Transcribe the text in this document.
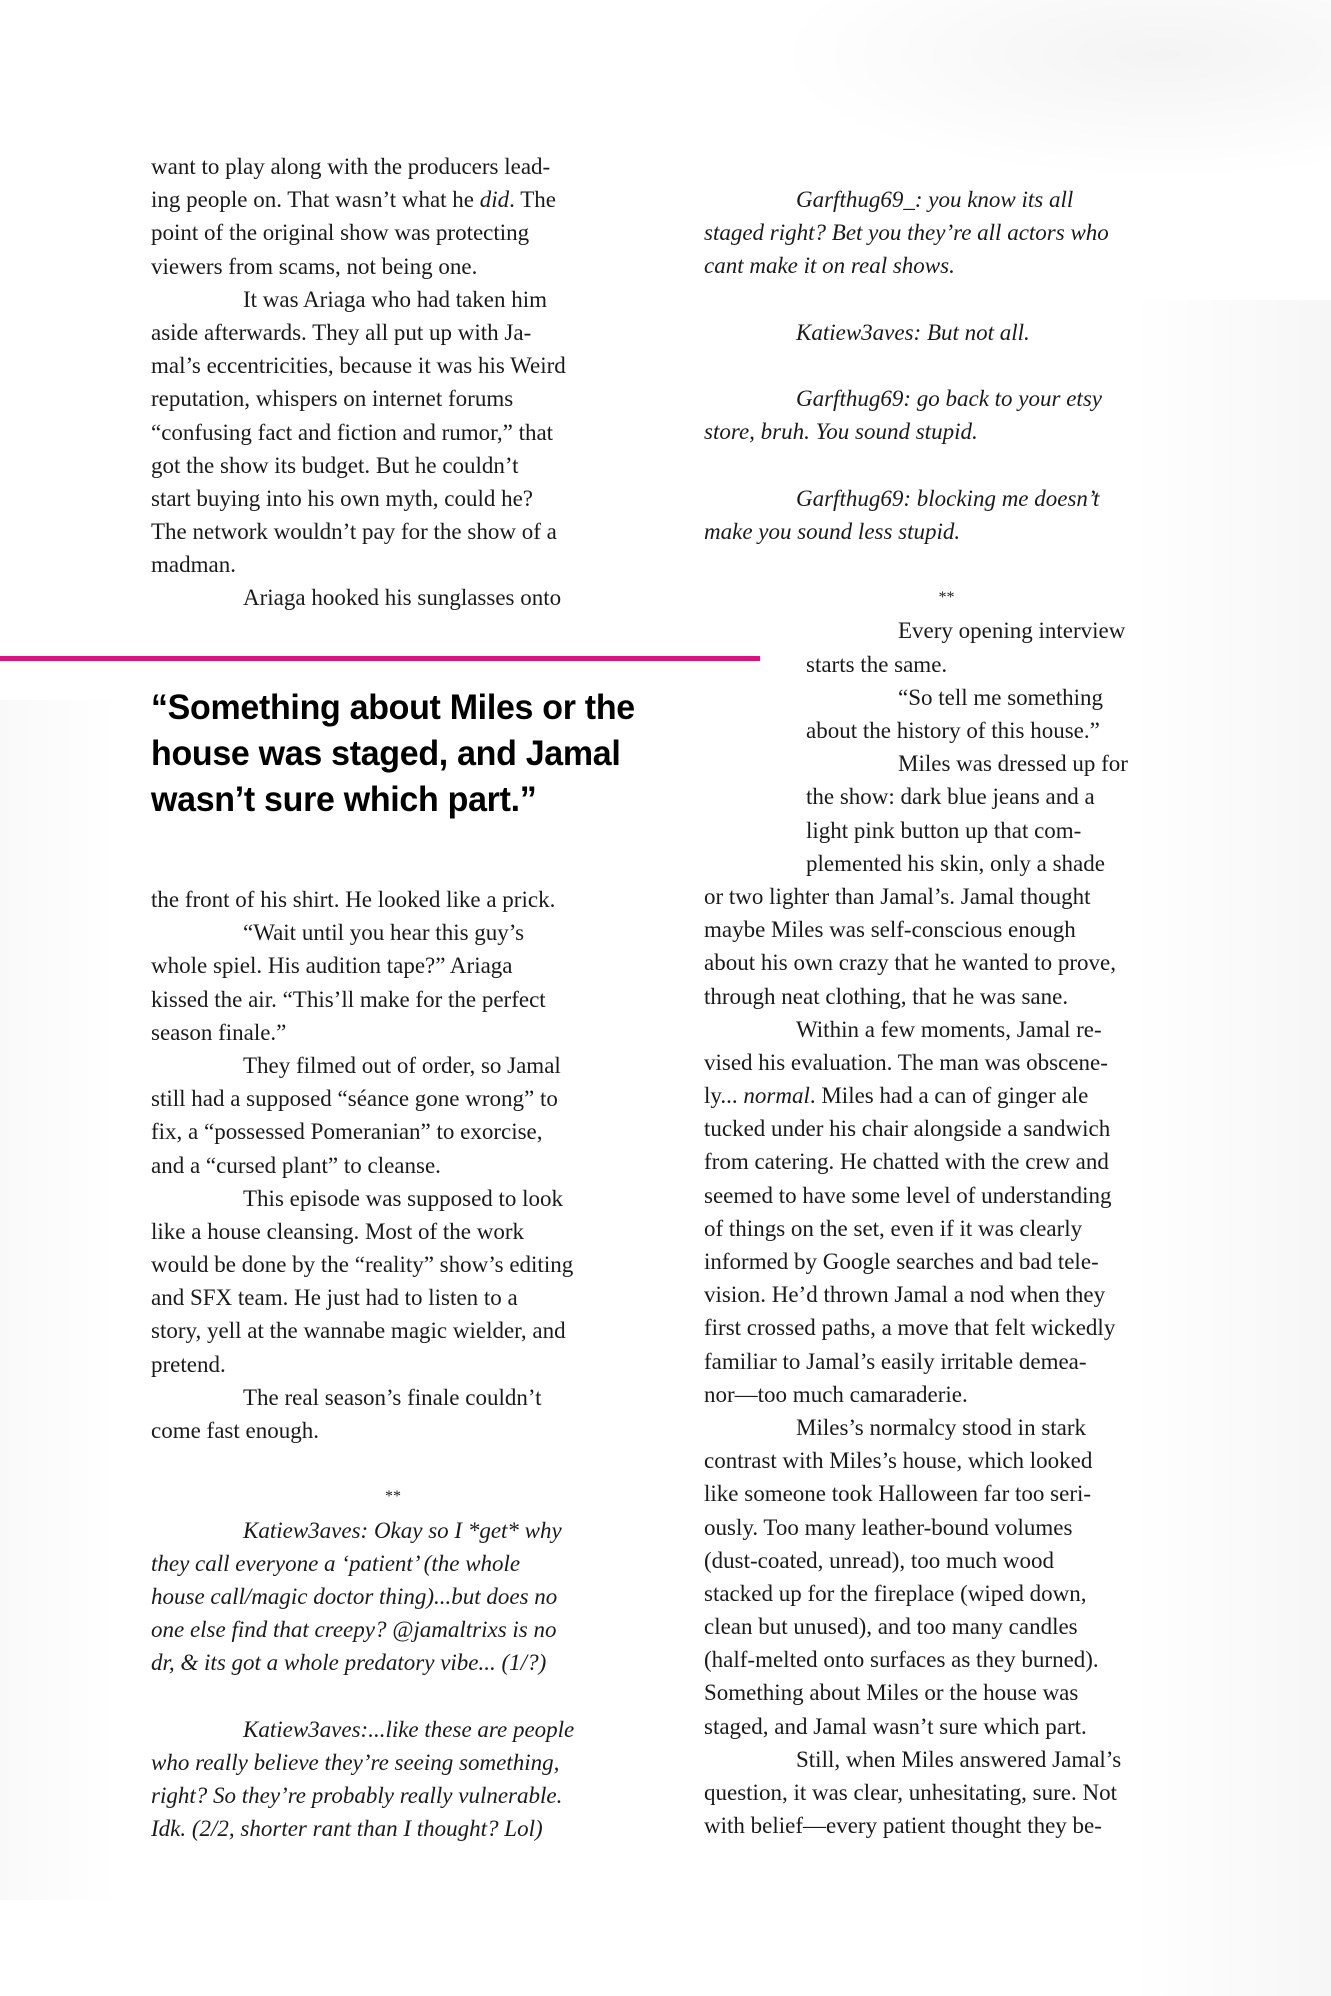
want to play along with the producers lead-
ing people on. That wasn’t what he did. The
point of the original show was protecting
viewers from scams, not being one.
It was Ariaga who had taken him
aside afterwards. They all put up with Ja-
mal’s eccentricities, because it was his Weird
reputation, whispers on internet forums
“confusing fact and fiction and rumor,” that
got the show its budget. But he couldn’t
start buying into his own myth, could he?
The network wouldn’t pay for the show of a
madman.
Ariaga hooked his sunglasses onto
“Something about Miles or the
house was staged, and Jamal
wasn’t sure which part.”
the front of his shirt. He looked like a prick.
“Wait until you hear this guy’s
whole spiel. His audition tape?” Ariaga
kissed the air. “This’ll make for the perfect
season finale.”
They filmed out of order, so Jamal
still had a supposed “séance gone wrong” to
fix, a “possessed Pomeranian” to exorcise,
and a “cursed plant” to cleanse.
This episode was supposed to look
like a house cleansing. Most of the work
would be done by the “reality” show’s editing
and SFX team. He just had to listen to a
story, yell at the wannabe magic wielder, and
pretend.
The real season’s finale couldn’t
come fast enough.
**
Katiew3aves: Okay so I *get* why
they call everyone a ‘patient’ (the whole
house call/magic doctor thing)...but does no
one else find that creepy? @jamaltrixs is no
dr, & its got a whole predatory vibe... (1/?)
Katiew3aves:...like these are people
who really believe they’re seeing something,
right? So they’re probably really vulnerable.
Idk. (2/2, shorter rant than I thought? Lol)
Garfthug69_: you know its all
staged right? Bet you they’re all actors who
cant make it on real shows.
Katiew3aves: But not all.
Garfthug69: go back to your etsy
store, bruh. You sound stupid.
Garfthug69: blocking me doesn’t
make you sound less stupid.
**
Every opening interview
starts the same.
“So tell me something
about the history of this house.”
Miles was dressed up for
the show: dark blue jeans and a
light pink button up that com-
plemented his skin, only a shade
or two lighter than Jamal’s. Jamal thought
maybe Miles was self-conscious enough
about his own crazy that he wanted to prove,
through neat clothing, that he was sane.
Within a few moments, Jamal re-
vised his evaluation. The man was obscene-
ly... normal. Miles had a can of ginger ale
tucked under his chair alongside a sandwich
from catering. He chatted with the crew and
seemed to have some level of understanding
of things on the set, even if it was clearly
informed by Google searches and bad tele-
vision. He’d thrown Jamal a nod when they
first crossed paths, a move that felt wickedly
familiar to Jamal’s easily irritable demea-
nor—too much camaraderie.
Miles’s normalcy stood in stark
contrast with Miles’s house, which looked
like someone took Halloween far too seri-
ously. Too many leather-bound volumes
(dust-coated, unread), too much wood
stacked up for the fireplace (wiped down,
clean but unused), and too many candles
(half-melted onto surfaces as they burned).
Something about Miles or the house was
staged, and Jamal wasn’t sure which part.
Still, when Miles answered Jamal’s
question, it was clear, unhesitating, sure. Not
with belief—every patient thought they be-
